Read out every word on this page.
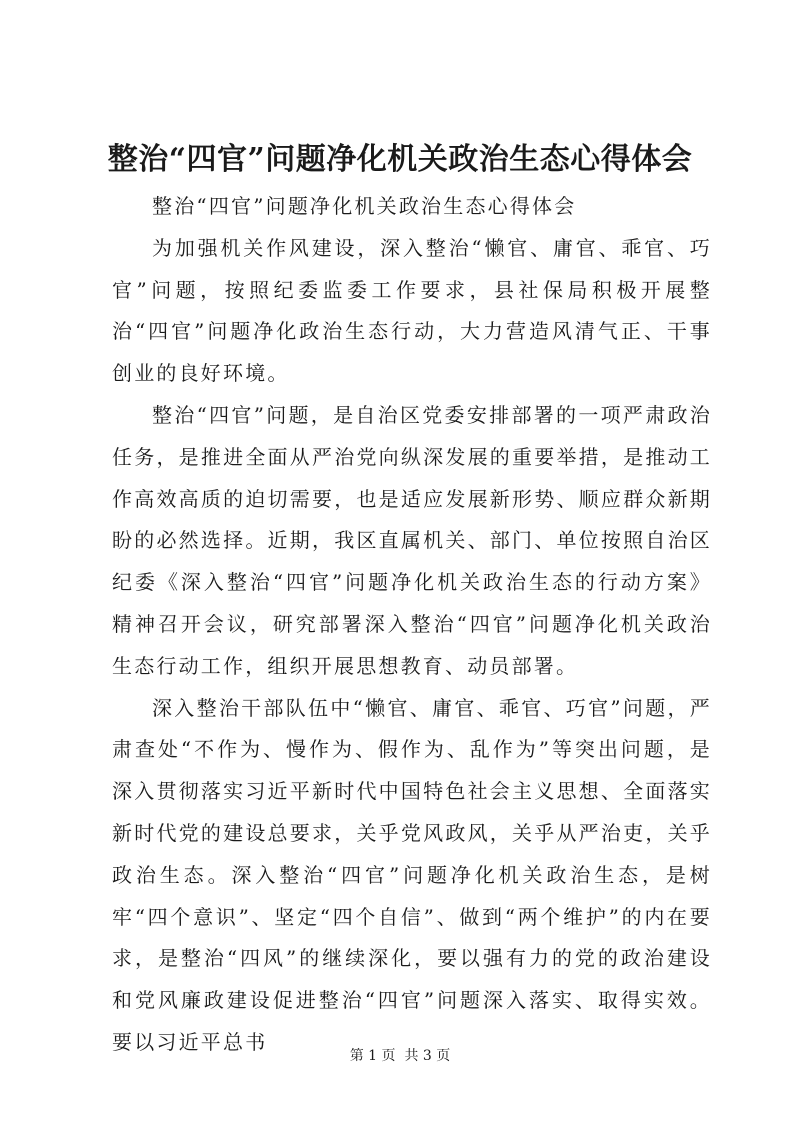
整治“四官”问题净化机关政治生态心得体会

整治“四官”问题净化机关政治生态心得体会

为加强机关作风建设，深入整治“懒官、庸官、乖官、巧官”问题，按照纪委监委工作要求，县社保局积极开展整治“四官”问题净化政治生态行动，大力营造风清气正、干事创业的良好环境。

整治“四官”问题，是自治区党委安排部署的一项严肃政治任务，是推进全面从严治党向纵深发展的重要举措，是推动工作高效高质的迫切需要，也是适应发展新形势、顺应群众新期盼的必然选择。近期，我区直属机关、部门、单位按照自治区纪委《深入整治“四官”问题净化机关政治生态的行动方案》精神召开会议，研究部署深入整治“四官”问题净化机关政治生态行动工作，组织开展思想教育、动员部署。

深入整治干部队伍中“懒官、庸官、乖官、巧官”问题，严肃查处“不作为、慢作为、假作为、乱作为”等突出问题，是深入贯彻落实习近平新时代中国特色社会主义思想、全面落实新时代党的建设总要求，关乎党风政风，关乎从严治吏，关乎政治生态。深入整治“四官”问题净化机关政治生态，是树牢“四个意识”、坚定“四个自信”、做到“两个维护”的内在要求，是整治“四风”的继续深化，要以强有力的党的政治建设和党风廉政建设促进整治“四官”问题深入落实、取得实效。要以习近平总书

第 1 页  共 3 页
